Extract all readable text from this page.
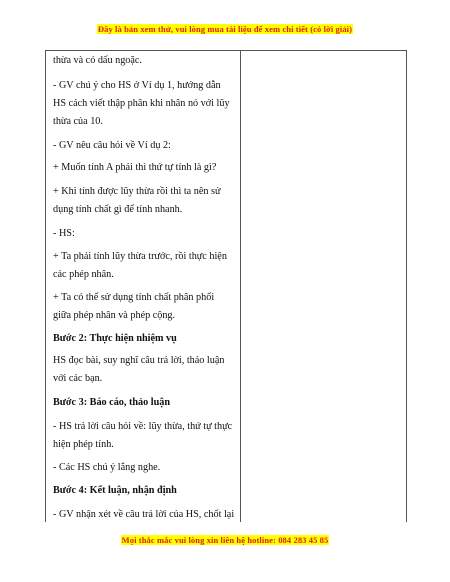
Đây là bản xem thử, vui lòng mua tài liệu để xem chi tiết (có lời giải)
thừa và có dấu ngoặc.
- GV chú ý cho HS ở Ví dụ 1, hướng dẫn
HS cách viết thập phân khi nhân nó với lũy
thừa của 10.
- GV nêu câu hỏi về Ví dụ 2:
+ Muốn tính A phải thì thứ tự tính là gì?
+ Khi tính được lũy thừa rồi thì ta nên sử
dụng tính chất gì để tính nhanh.
- HS:
+ Ta phải tính lũy thừa trước, rồi thực hiện
các phép nhân.
+ Ta có thể sử dụng tính chất phân phối
giữa phép nhân và phép cộng.
Bước 2: Thực hiện nhiệm vụ
HS đọc bài, suy nghĩ câu trả lời, thảo luận
với các bạn.
Bước 3: Báo cáo, thảo luận
- HS trả lời câu hỏi về: lũy thừa, thứ tự thực
hiện phép tính.
- Các HS chú ý lắng nghe.
Bước 4: Kết luận, nhận định
- GV nhận xét về câu trả lời của HS, chốt lại
Mọi thắc mắc vui lòng xin liên hệ hotline: 084 283 45 85
